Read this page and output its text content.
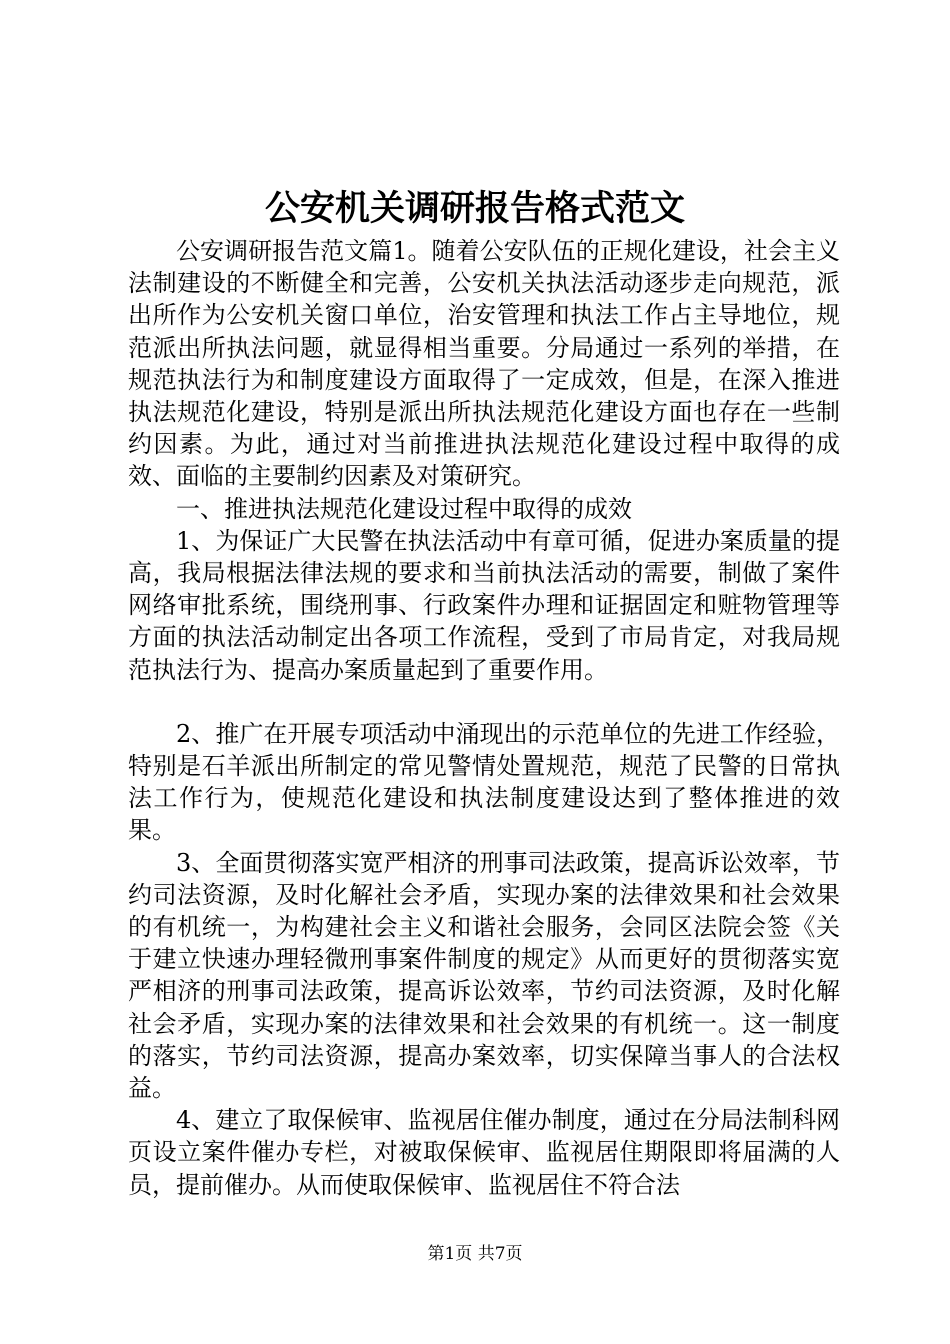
公安机关调研报告格式范文

公安调研报告范文篇1。随着公安队伍的正规化建设，社会主义法制建设的不断健全和完善，公安机关执法活动逐步走向规范，派出所作为公安机关窗口单位，治安管理和执法工作占主导地位，规范派出所执法问题，就显得相当重要。分局通过一系列的举措，在规范执法行为和制度建设方面取得了一定成效，但是，在深入推进执法规范化建设，特别是派出所执法规范化建设方面也存在一些制约因素。为此，通过对当前推进执法规范化建设过程中取得的成效、面临的主要制约因素及对策研究。

一、推进执法规范化建设过程中取得的成效

1、为保证广大民警在执法活动中有章可循，促进办案质量的提高，我局根据法律法规的要求和当前执法活动的需要，制做了案件网络审批系统，围绕刑事、行政案件办理和证据固定和赃物管理等方面的执法活动制定出各项工作流程，受到了市局肯定，对我局规范执法行为、提高办案质量起到了重要作用。

2、推广在开展专项活动中涌现出的示范单位的先进工作经验，特别是石羊派出所制定的常见警情处置规范，规范了民警的日常执法工作行为，使规范化建设和执法制度建设达到了整体推进的效果。

3、全面贯彻落实宽严相济的刑事司法政策，提高诉讼效率，节约司法资源，及时化解社会矛盾，实现办案的法律效果和社会效果的有机统一，为构建社会主义和谐社会服务，会同区法院会签《关于建立快速办理轻微刑事案件制度的规定》从而更好的贯彻落实宽严相济的刑事司法政策，提高诉讼效率，节约司法资源，及时化解社会矛盾，实现办案的法律效果和社会效果的有机统一。这一制度的落实，节约司法资源，提高办案效率，切实保障当事人的合法权益。

4、建立了取保候审、监视居住催办制度，通过在分局法制科网页设立案件催办专栏，对被取保候审、监视居住期限即将届满的人员，提前催办。从而使取保候审、监视居住不符合法

第1页 共7页
